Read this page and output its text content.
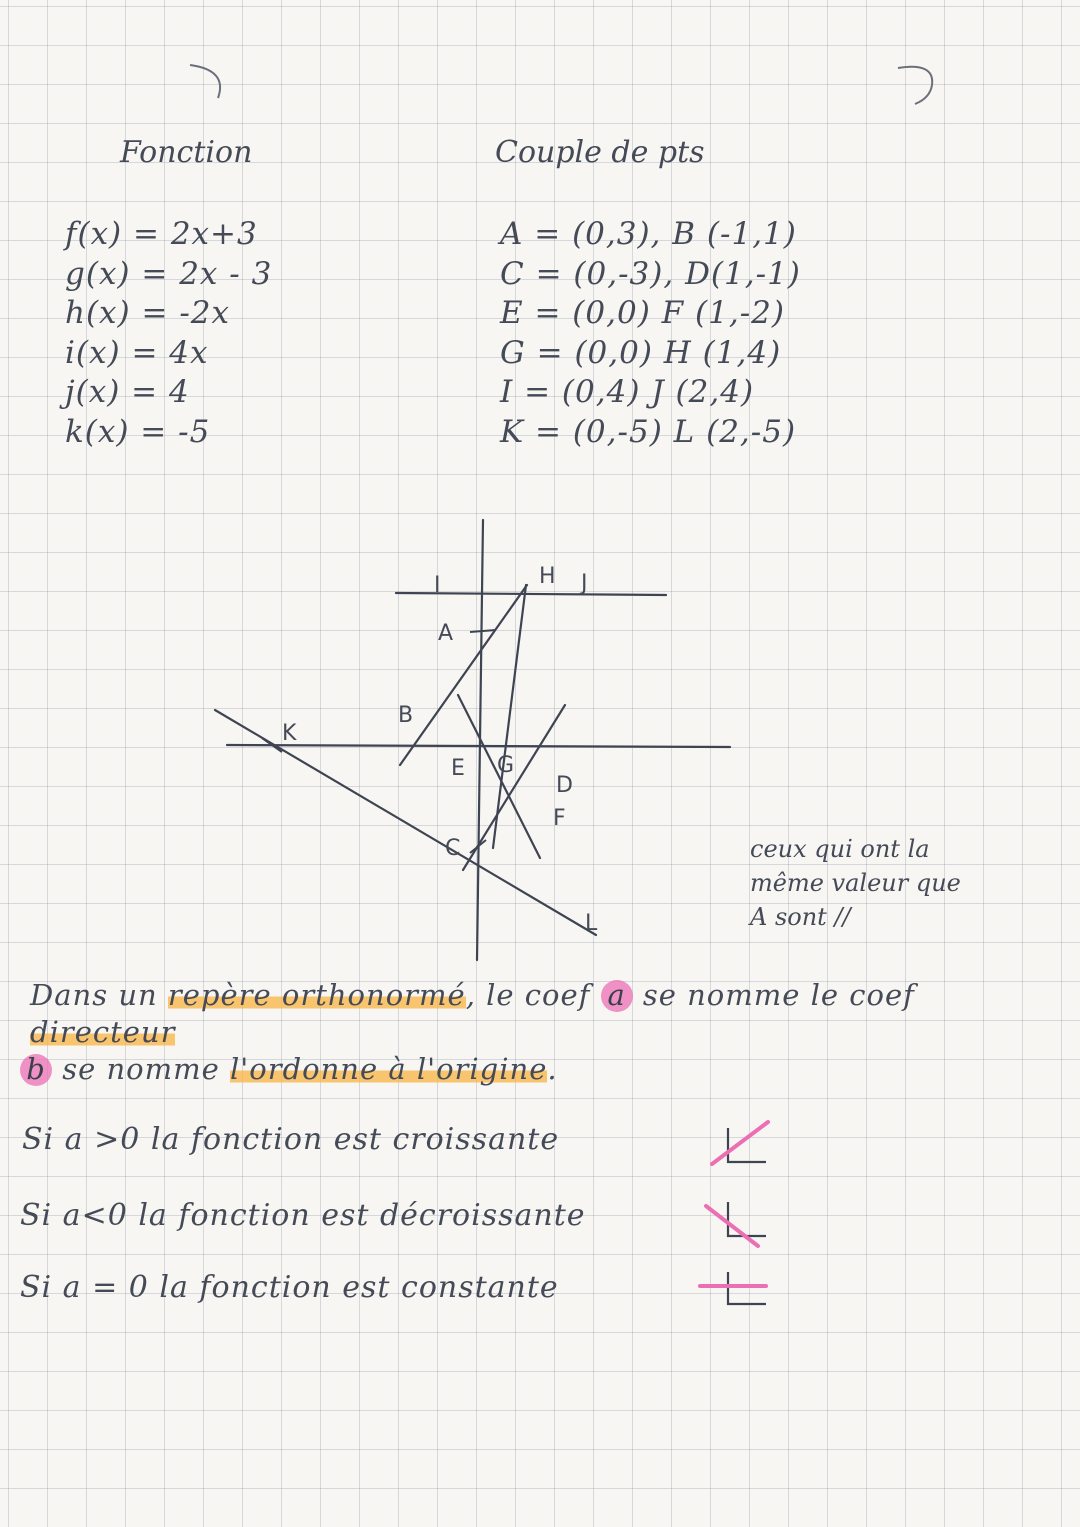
Fonction	Couple de pts
f(x) = 2x+3
g(x) = 2x - 3
h(x) = -2x
i(x) = 4x
j(x) = 4
k(x) = -5
A = (0,3), B (-1,1)
C = (0,-3), D(1,-1)
E = (0,0) F (1,-2)
G = (0,0) H (1,4)
I = (0,4) J (2,4)
K = (0,-5) L (2,-5)
I	H J
A
B
K
E G
D
F
C
L
ceux qui ont la
même valeur que
A sont //
Dans un repère orthonormé, le coef a se nomme le coef
directeur
b se nomme l'ordonne à l'origine.
Si a >0 la fonction est croissante
Si a<0 la fonction est décroissante
Si a = 0 la fonction est constante
